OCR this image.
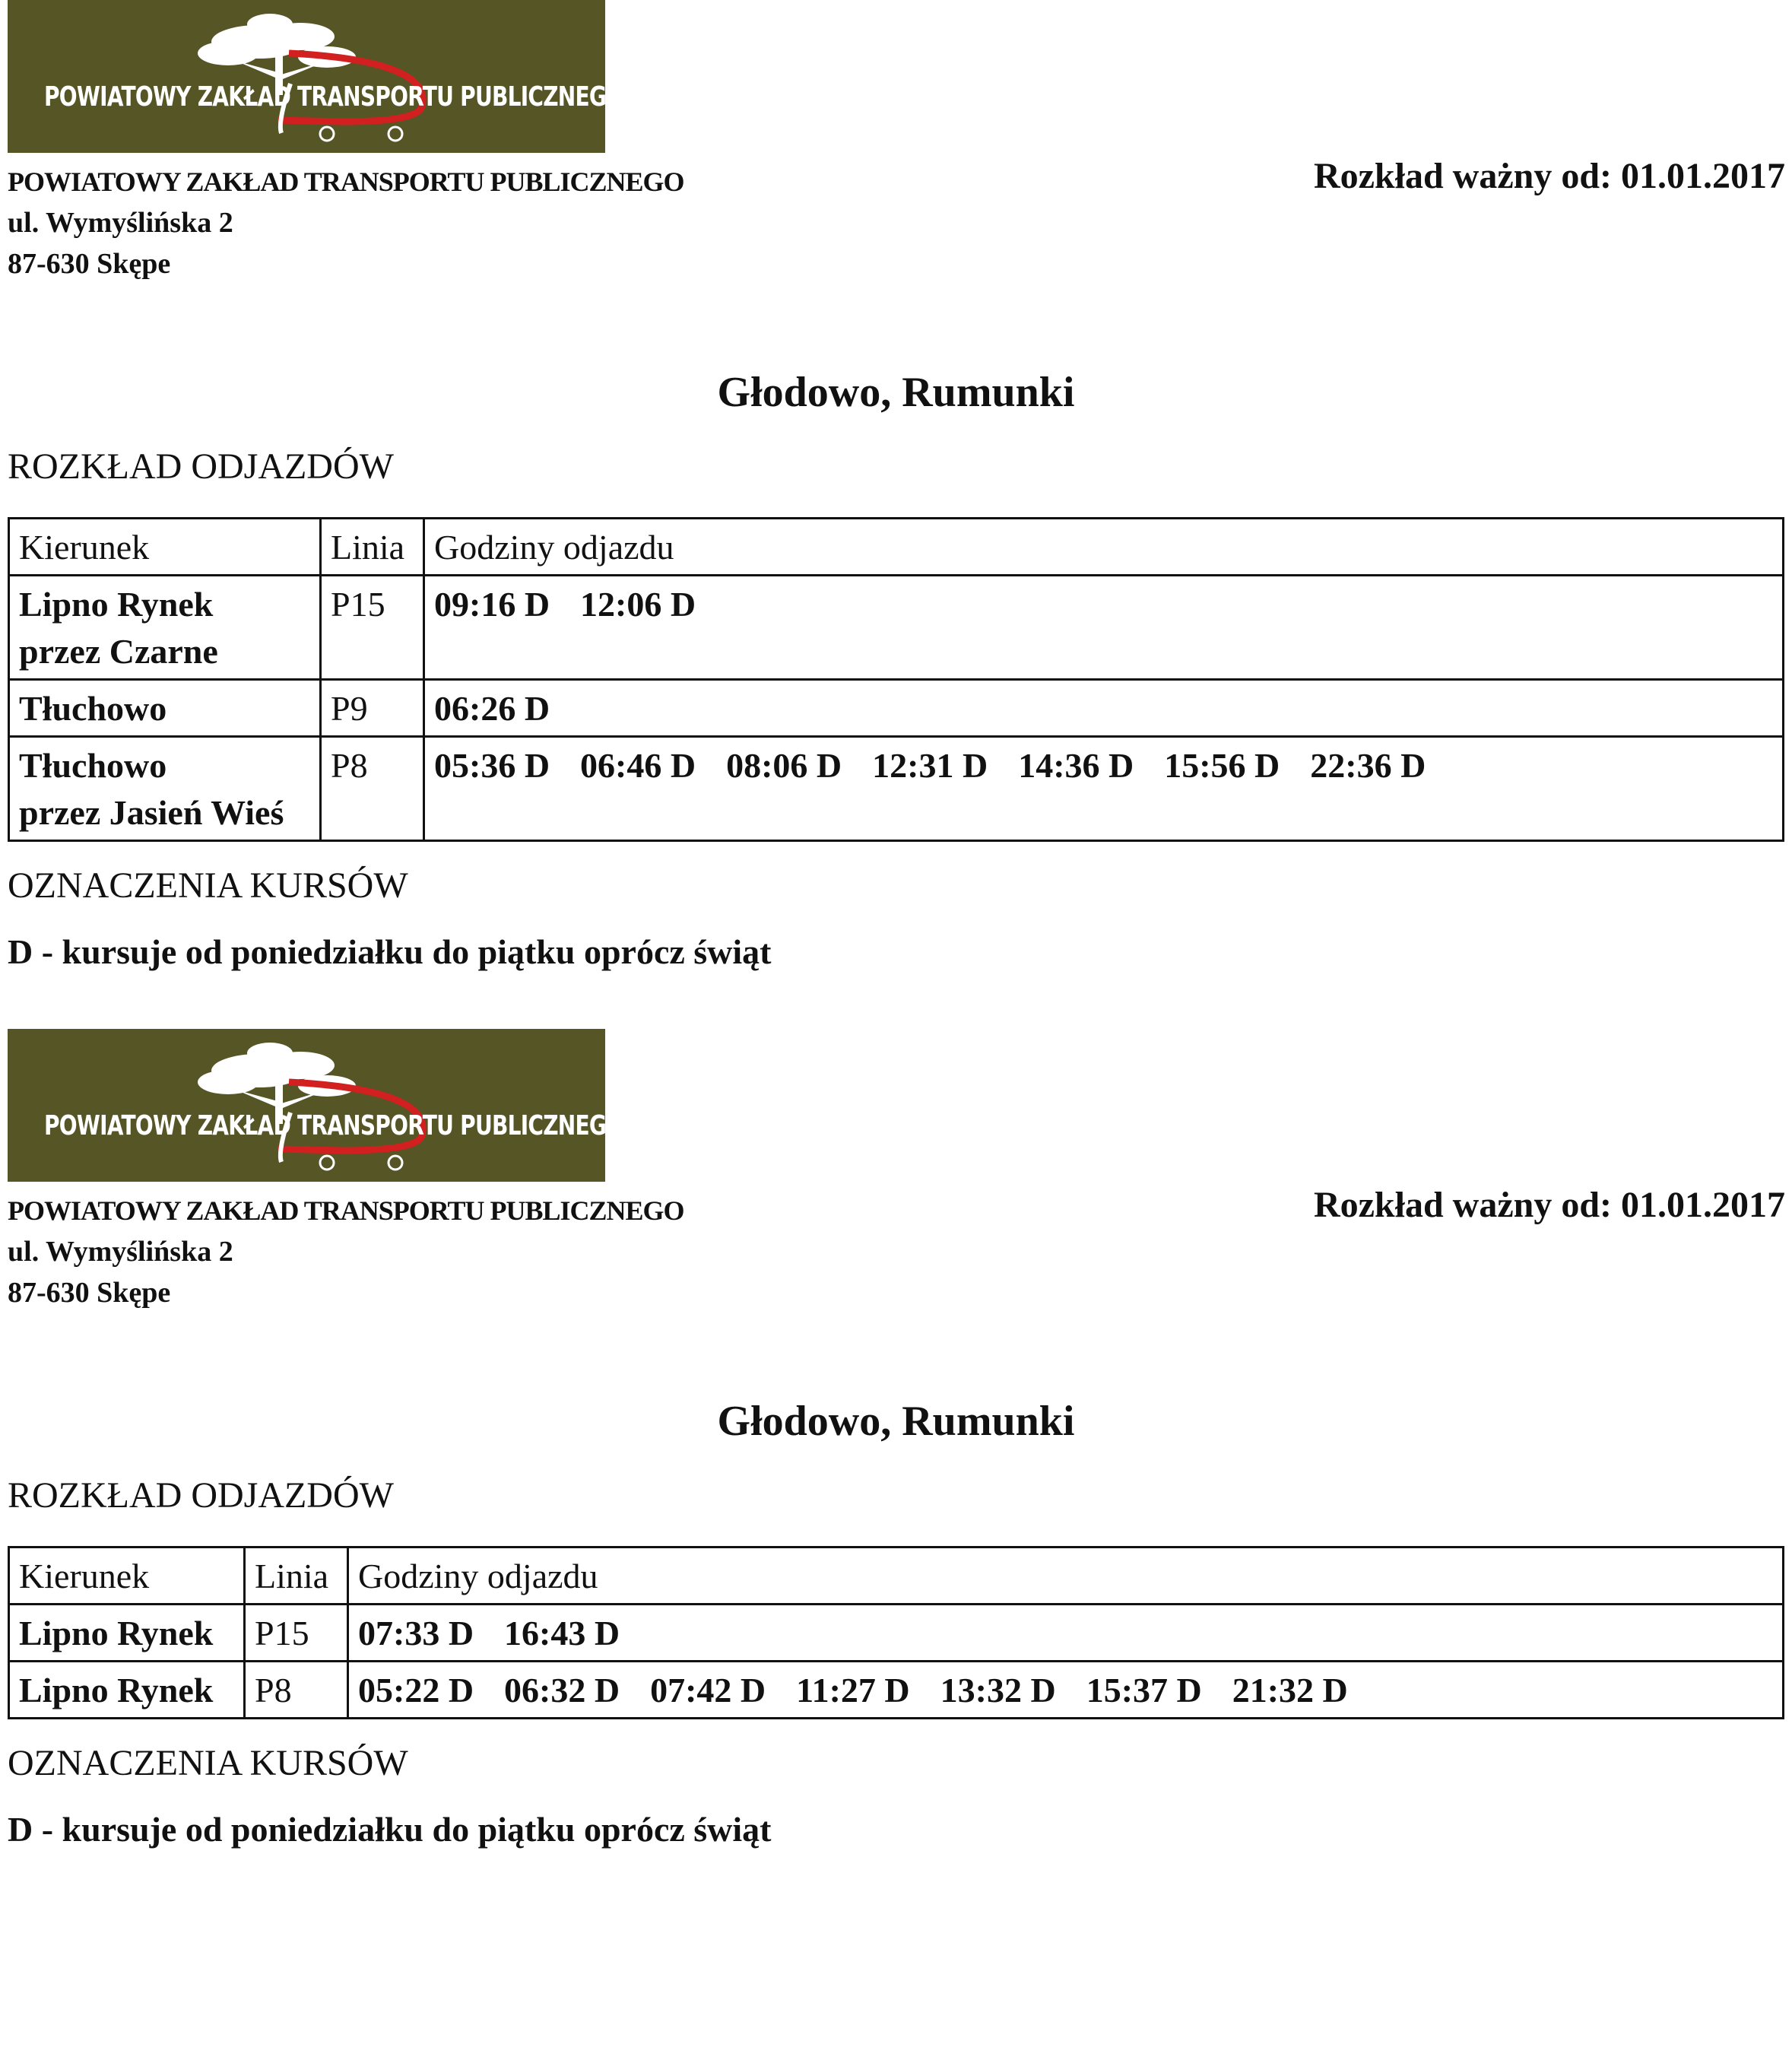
POWIATOWY ZAKŁAD TRANSPORTU PUBLICZNEGO
POWIATOWY ZAKŁAD TRANSPORTU PUBLICZNEGO
ul. Wymyślińska 2
87-630 Skępe
Rozkład ważny od: 01.01.2017
Głodowo, Rumunki
ROZKŁAD ODJAZDÓW
Kierunek	Linia	Godziny odjazdu

Lipno Rynek
przez Czarne	P15	09:16 D 12:06 D

Tłuchowo	P9	06:26 D

Tłuchowo
przez Jasień Wieś	P8	05:36 D 06:46 D 08:06 D 12:31 D 14:36 D 15:56 D 22:36 D
OZNACZENIA KURSÓW
D - kursuje od poniedziałku do piątku oprócz świąt
POWIATOWY ZAKŁAD TRANSPORTU PUBLICZNEGO
POWIATOWY ZAKŁAD TRANSPORTU PUBLICZNEGO
ul. Wymyślińska 2
87-630 Skępe
Rozkład ważny od: 01.01.2017
Głodowo, Rumunki
ROZKŁAD ODJAZDÓW
Kierunek	Linia	Godziny odjazdu

Lipno Rynek	P15	07:33 D 16:43 D

Lipno Rynek	P8	05:22 D 06:32 D 07:42 D 11:27 D 13:32 D 15:37 D 21:32 D
OZNACZENIA KURSÓW
D - kursuje od poniedziałku do piątku oprócz świąt
